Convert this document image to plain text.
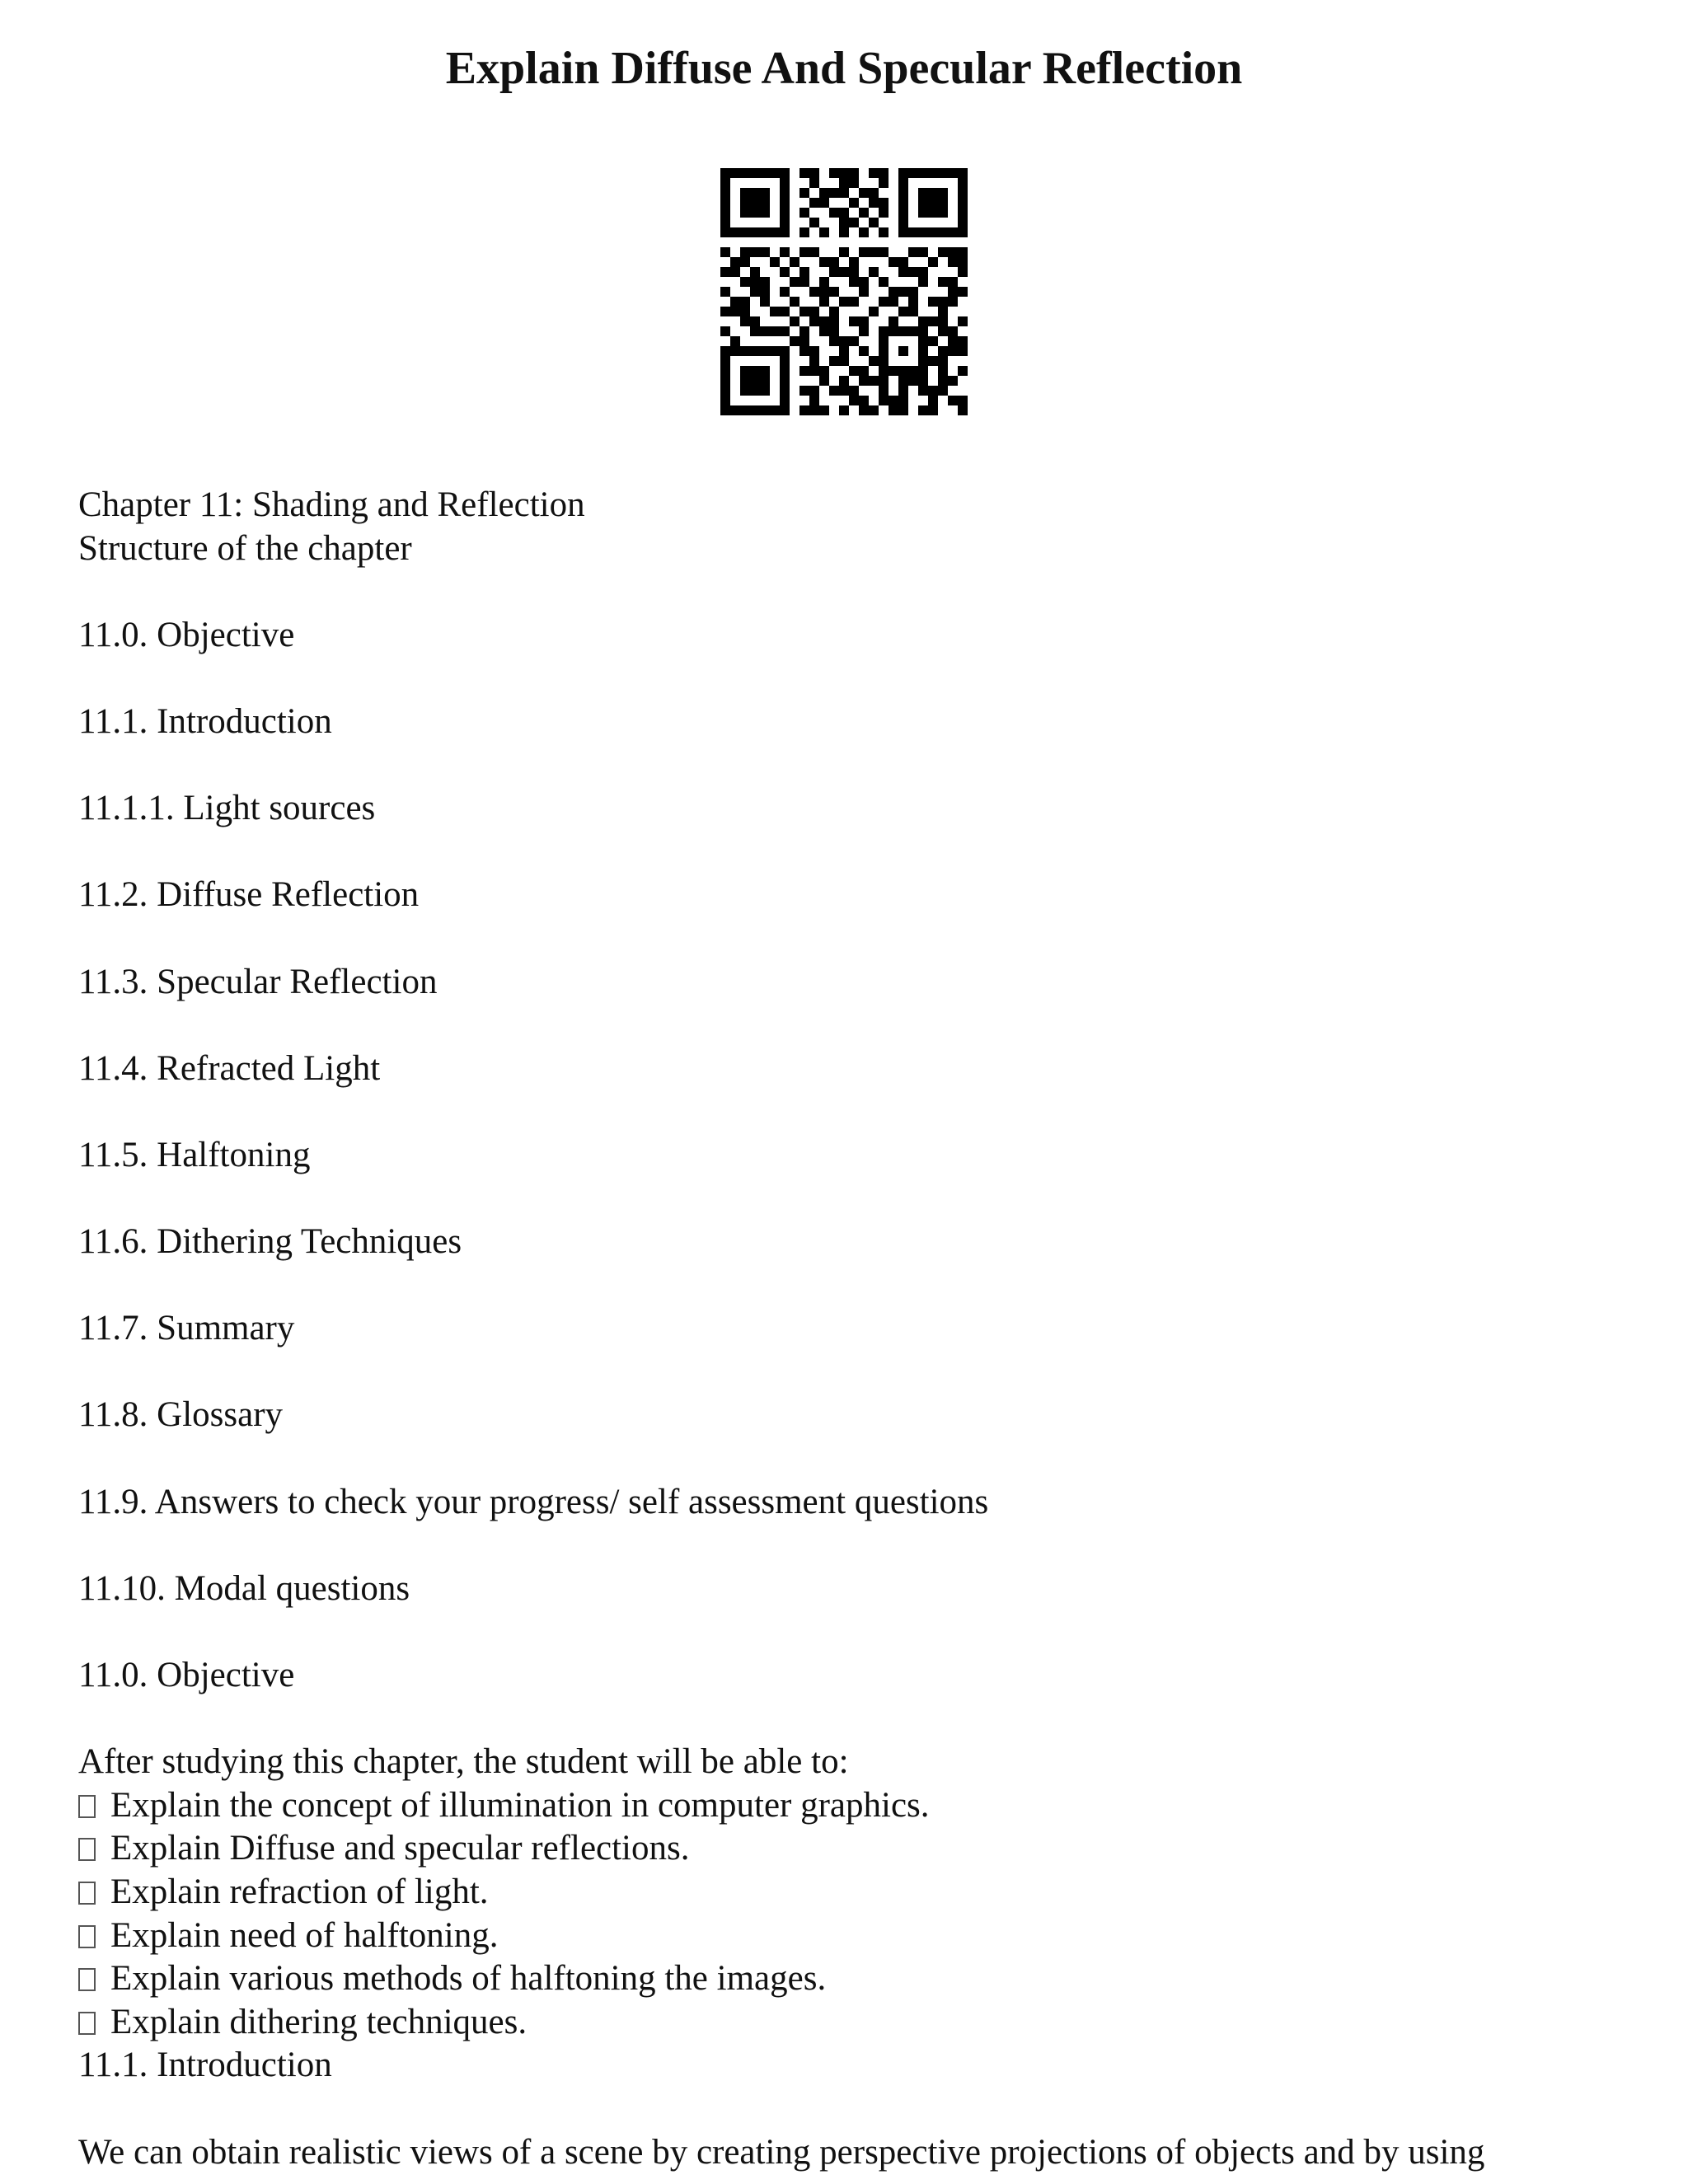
Explain Diffuse And Specular Reflection
Chapter 11: Shading and Reflection
Structure of the chapter
11.0. Objective
11.1. Introduction
11.1.1. Light sources
11.2. Diffuse Reflection
11.3. Specular Reflection
11.4. Refracted Light
11.5. Halftoning
11.6. Dithering Techniques
11.7. Summary
11.8. Glossary
11.9. Answers to check your progress/ self assessment questions
11.10. Modal questions
11.0. Objective
After studying this chapter, the student will be able to:
Explain the concept of illumination in computer graphics.
Explain Diffuse and specular reflections.
Explain refraction of light.
Explain need of halftoning.
Explain various methods of halftoning the images.
Explain dithering techniques.
11.1. Introduction
We can obtain realistic views of a scene by creating perspective projections of objects and by using
